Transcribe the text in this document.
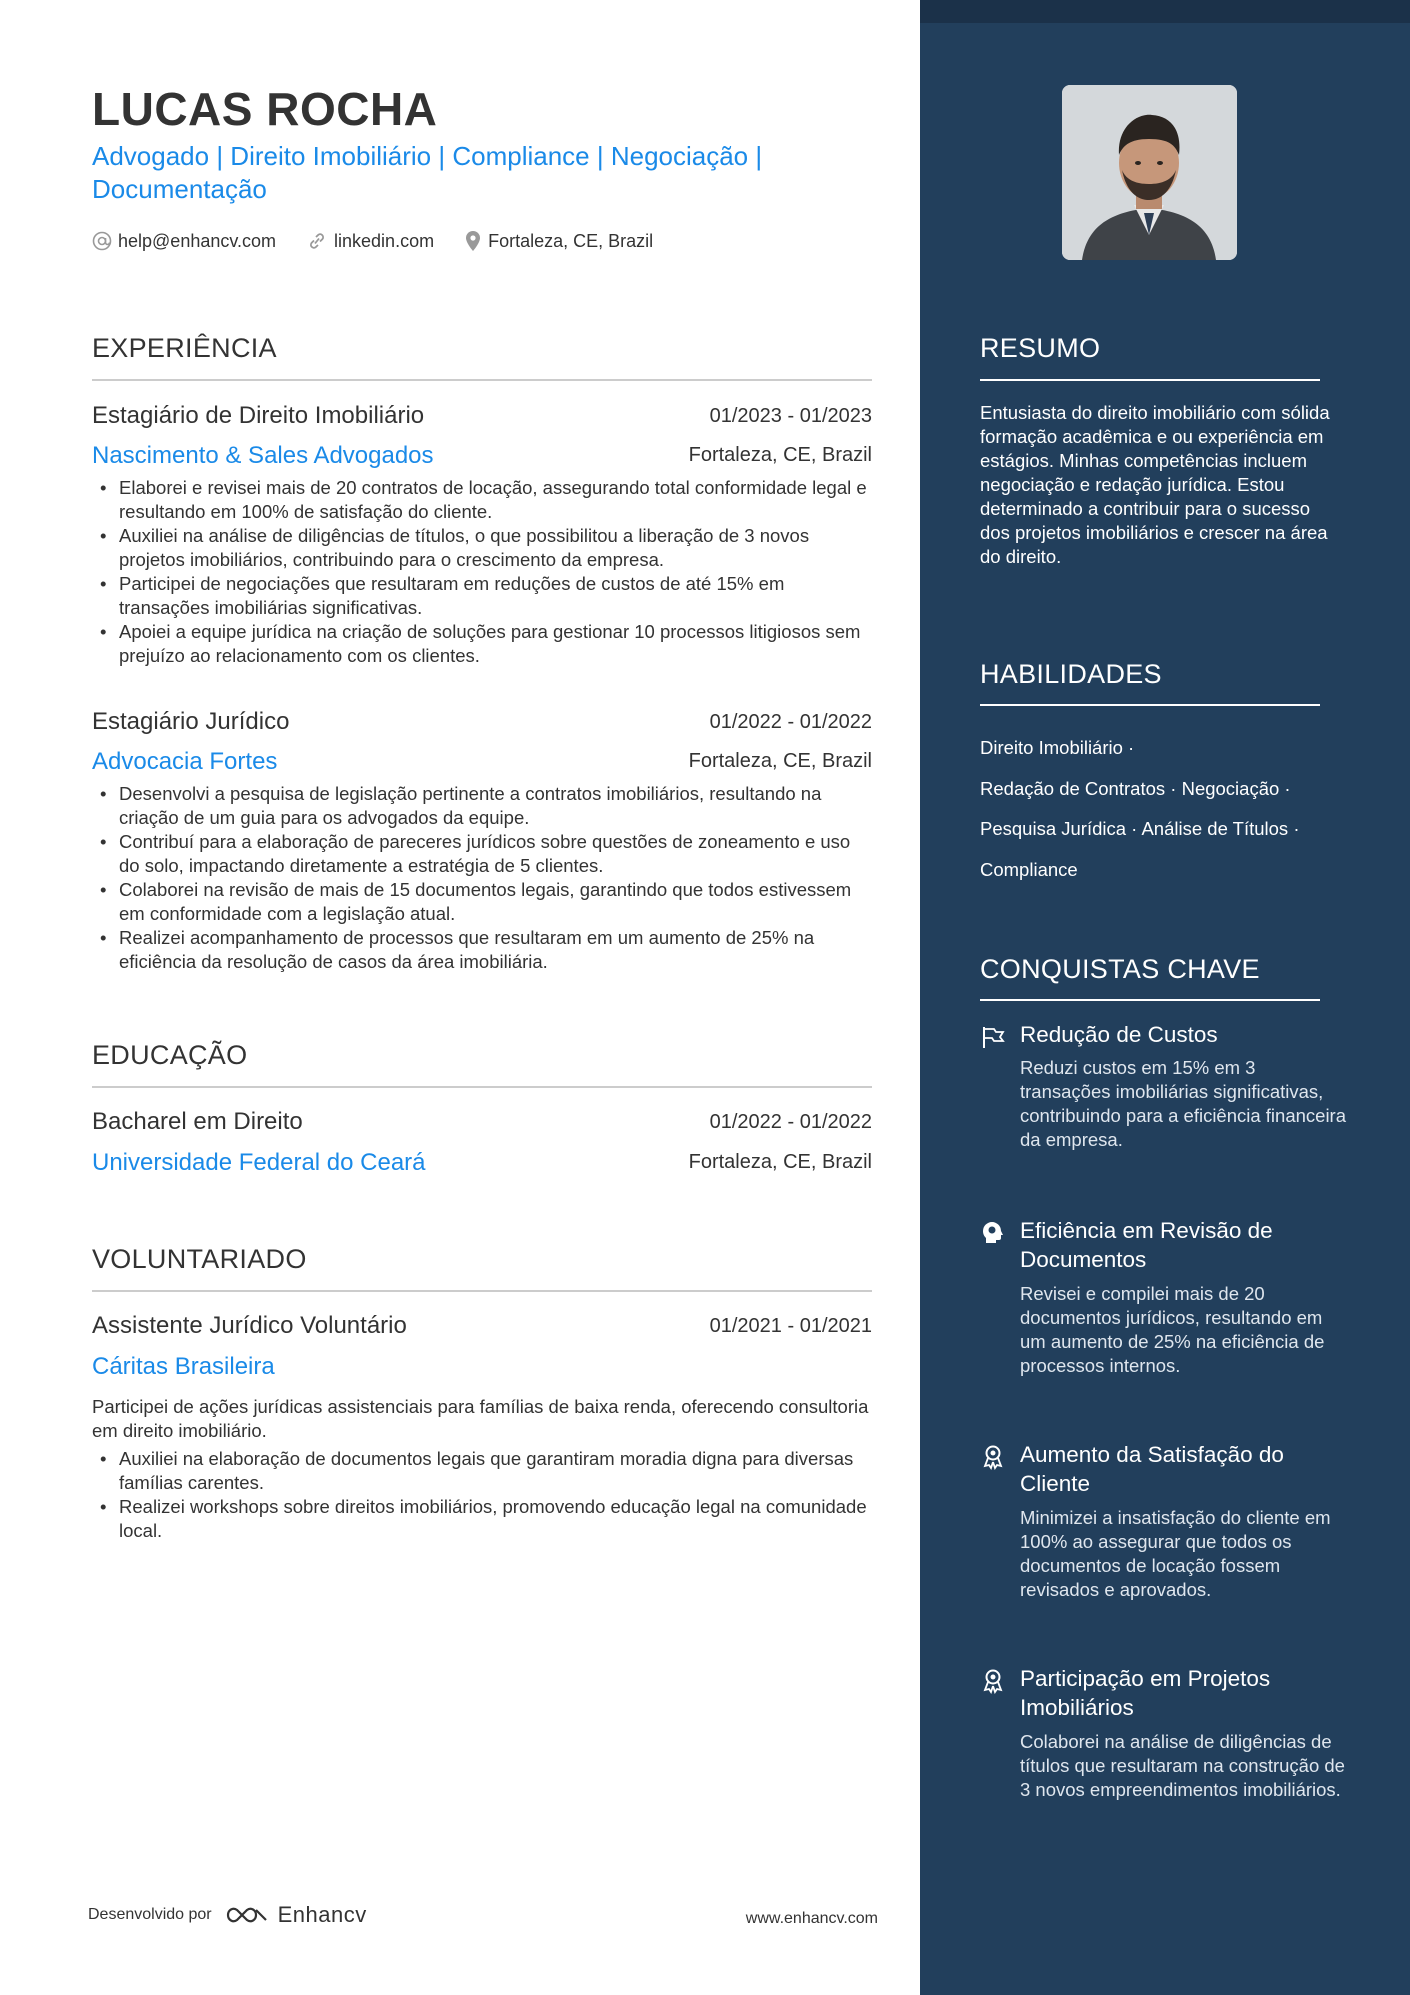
LUCAS ROCHA
Advogado | Direito Imobiliário | Compliance | Negociação | Documentação
help@enhancv.com	linkedin.com	Fortaleza, CE, Brazil
EXPERIÊNCIA
Estagiário de Direito Imobiliário	01/2023 - 01/2023
Nascimento & Sales Advogados	Fortaleza, CE, Brazil
• Elaborei e revisei mais de 20 contratos de locação, assegurando total conformidade legal e resultando em 100% de satisfação do cliente.
• Auxiliei na análise de diligências de títulos, o que possibilitou a liberação de 3 novos projetos imobiliários, contribuindo para o crescimento da empresa.
• Participei de negociações que resultaram em reduções de custos de até 15% em transações imobiliárias significativas.
• Apoiei a equipe jurídica na criação de soluções para gestionar 10 processos litigiosos sem prejuízo ao relacionamento com os clientes.
Estagiário Jurídico	01/2022 - 01/2022
Advocacia Fortes	Fortaleza, CE, Brazil
• Desenvolvi a pesquisa de legislação pertinente a contratos imobiliários, resultando na criação de um guia para os advogados da equipe.
• Contribuí para a elaboração de pareceres jurídicos sobre questões de zoneamento e uso do solo, impactando diretamente a estratégia de 5 clientes.
• Colaborei na revisão de mais de 15 documentos legais, garantindo que todos estivessem em conformidade com a legislação atual.
• Realizei acompanhamento de processos que resultaram em um aumento de 25% na eficiência da resolução de casos da área imobiliária.
EDUCAÇÃO
Bacharel em Direito	01/2022 - 01/2022
Universidade Federal do Ceará	Fortaleza, CE, Brazil
VOLUNTARIADO
Assistente Jurídico Voluntário	01/2021 - 01/2021
Cáritas Brasileira
Participei de ações jurídicas assistenciais para famílias de baixa renda, oferecendo consultoria em direito imobiliário.
• Auxiliei na elaboração de documentos legais que garantiram moradia digna para diversas famílias carentes.
• Realizei workshops sobre direitos imobiliários, promovendo educação legal na comunidade local.
Desenvolvido por	Enhancv	www.enhancv.com
RESUMO
Entusiasta do direito imobiliário com sólida formação acadêmica e ou experiência em estágios. Minhas competências incluem negociação e redação jurídica. Estou determinado a contribuir para o sucesso dos projetos imobiliários e crescer na área do direito.
HABILIDADES
Direito Imobiliário ·
Redação de Contratos · Negociação ·
Pesquisa Jurídica · Análise de Títulos ·
Compliance
CONQUISTAS CHAVE
Redução de Custos
Reduzi custos em 15% em 3 transações imobiliárias significativas, contribuindo para a eficiência financeira da empresa.
Eficiência em Revisão de Documentos
Revisei e compilei mais de 20 documentos jurídicos, resultando em um aumento de 25% na eficiência de processos internos.
Aumento da Satisfação do Cliente
Minimizei a insatisfação do cliente em 100% ao assegurar que todos os documentos de locação fossem revisados e aprovados.
Participação em Projetos Imobiliários
Colaborei na análise de diligências de títulos que resultaram na construção de 3 novos empreendimentos imobiliários.
